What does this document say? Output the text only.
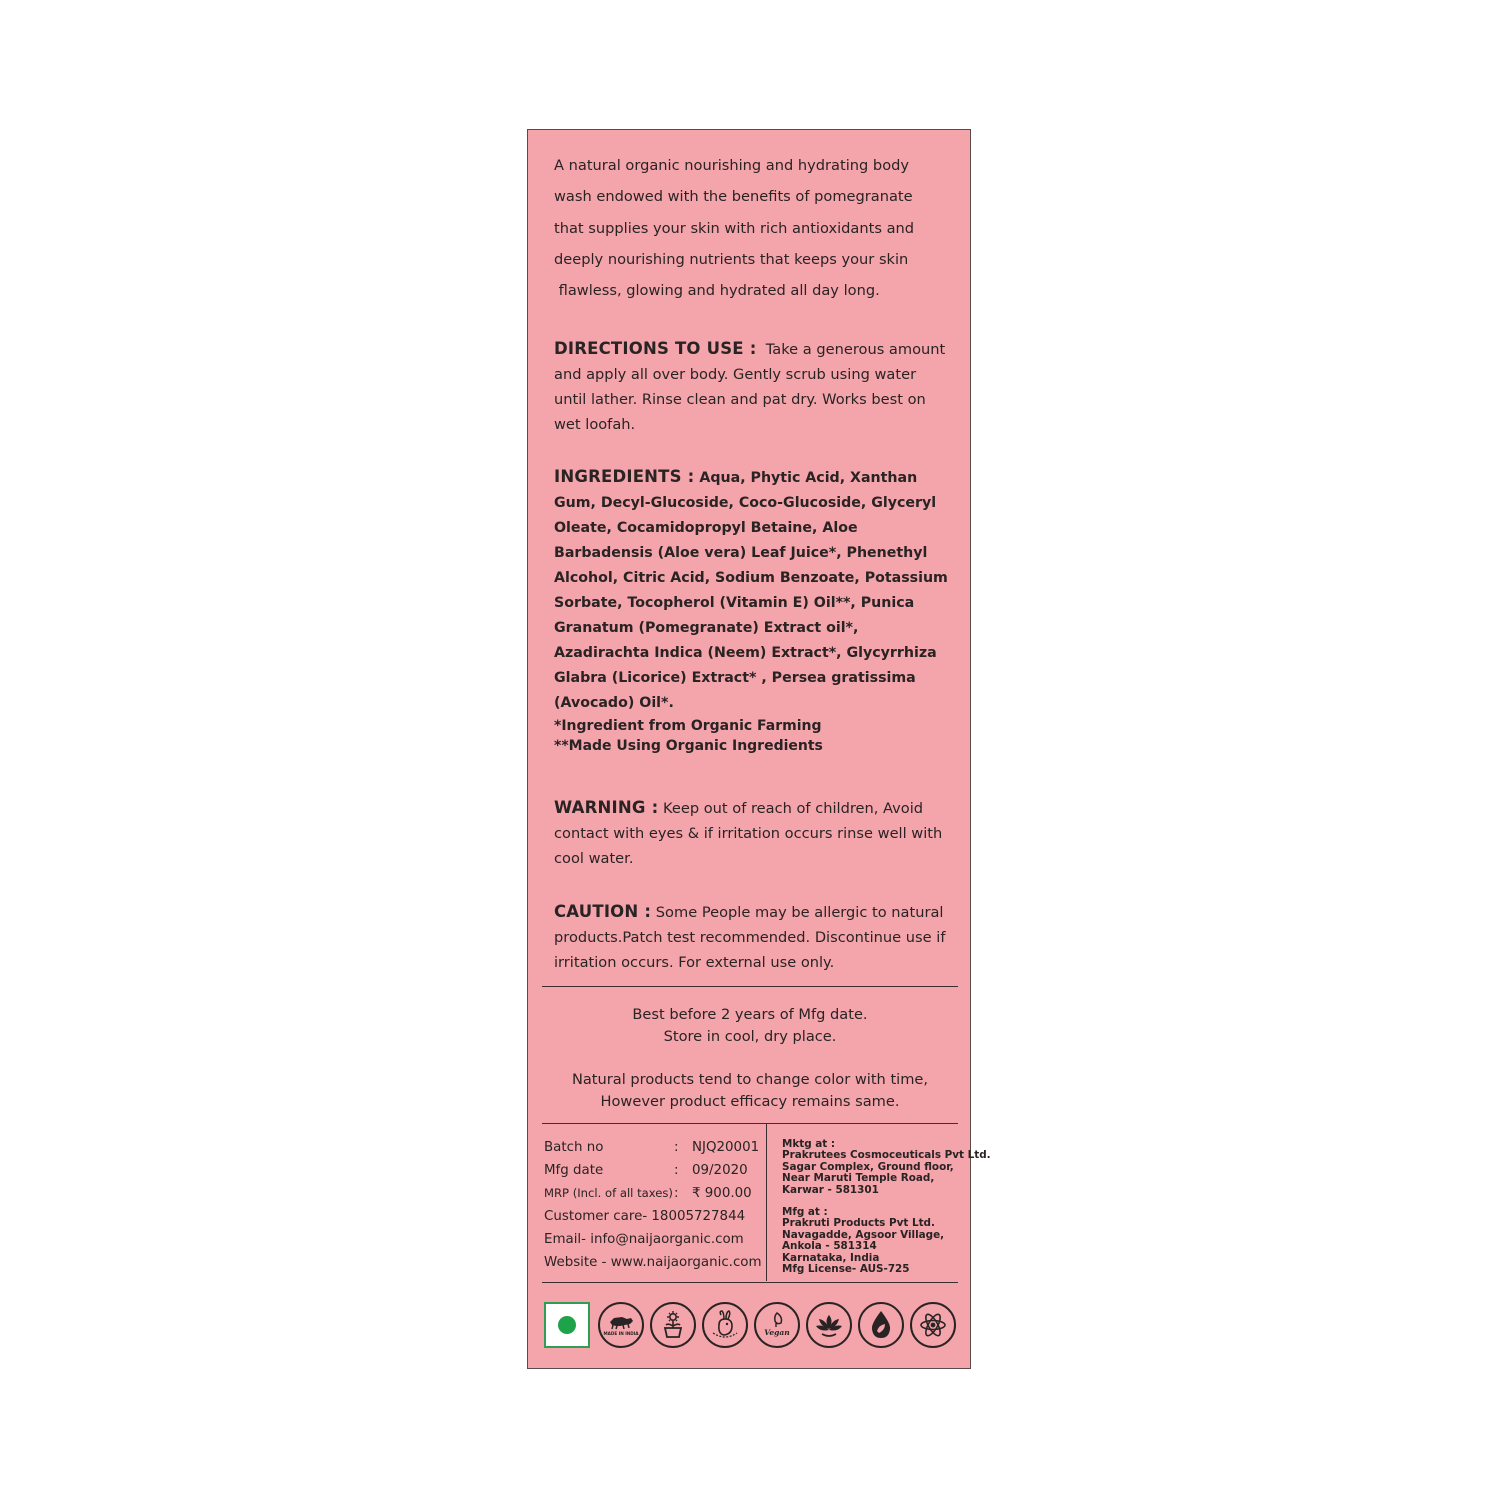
A natural organic nourishing and hydrating body
wash endowed with the benefits of pomegranate
that supplies your skin with rich antioxidants and
deeply nourishing nutrients that keeps your skin
flawless, glowing and hydrated all day long.

DIRECTIONS TO USE : Take a generous amount and apply all over body. Gently scrub using water until lather. Rinse clean and pat dry. Works best on wet loofah.

INGREDIENTS : Aqua, Phytic Acid, Xanthan Gum, Decyl-Glucoside, Coco-Glucoside, Glyceryl Oleate, Cocamidopropyl Betaine, Aloe Barbadensis (Aloe vera) Leaf Juice*, Phenethyl Alcohol, Citric Acid, Sodium Benzoate, Potassium Sorbate, Tocopherol (Vitamin E) Oil**, Punica Granatum (Pomegranate) Extract oil*, Azadirachta Indica (Neem) Extract*, Glycyrrhiza Glabra (Licorice) Extract* , Persea gratissima (Avocado) Oil*.

*Ingredient from Organic Farming
**Made Using Organic Ingredients

WARNING : Keep out of reach of children, Avoid contact with eyes & if irritation occurs rinse well with cool water.

CAUTION : Some People may be allergic to natural products.Patch test recommended. Discontinue use if irritation occurs. For external use only.

Best before 2 years of Mfg date.
Store in cool, dry place.
Natural products tend to change color with time,
However product efficacy remains same.
Batch no	: NJQ20001
Mfg date	: 09/2020
MRP (Incl. of all taxes): ₹ 900.00
Customer care- 18005727844
Email- info@naijaorganic.com
Website - www.naijaorganic.com
Mktg at :
Prakrutees Cosmoceuticals Pvt Ltd.
Sagar Complex, Ground floor,
Near Maruti Temple Road,
Karwar - 581301
Mfg at :
Prakruti Products Pvt Ltd.
Navagadde, Agsoor Village,
Ankola - 581314
Karnataka, India
Mfg License- AUS-725
MADE IN INDIA	Vegan
